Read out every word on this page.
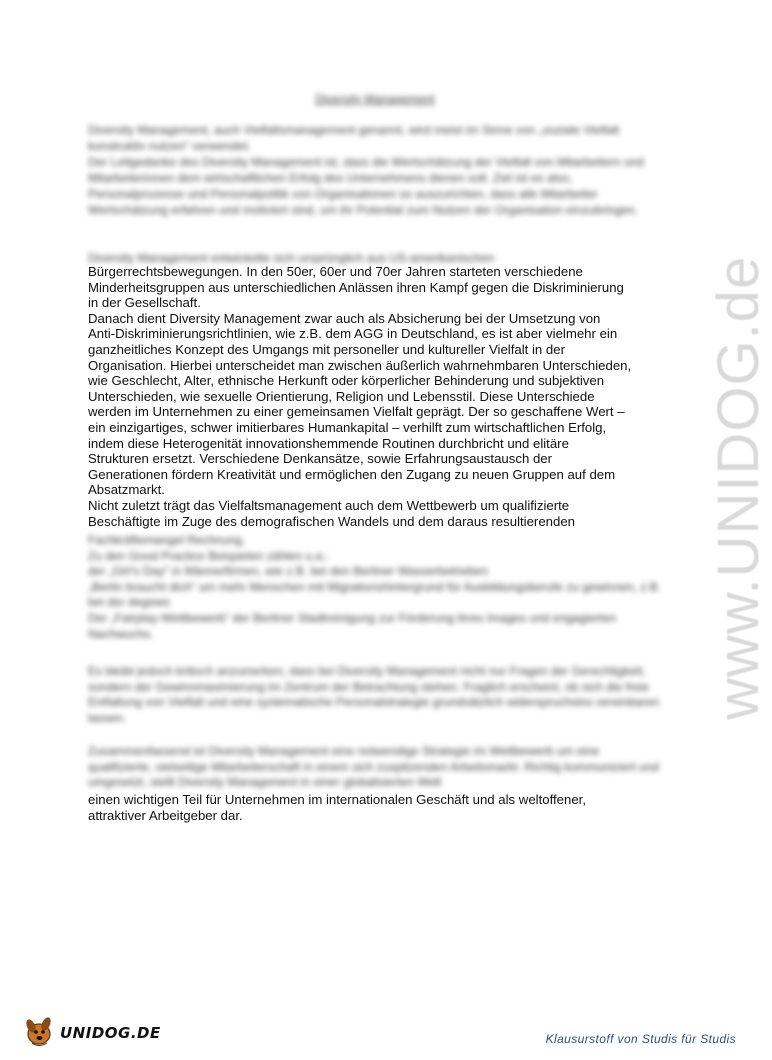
Diversity Management
Diversity Management, auch Vielfaltsmanagement genannt, wird meist im Sinne von „soziale Vielfalt konstruktiv nutzen“ verwendet.
Der Leitgedanke des Diversity Management ist, dass die Wertschätzung der Vielfalt von Mitarbeitern und Mitarbeiterinnen dem wirtschaftlichen Erfolg des Unternehmens dienen soll. Ziel ist es also, Personalprozesse und Personalpolitik von Organisationen so auszurichten, dass alle Mitarbeiter Wertschätzung erfahren und motiviert sind, um ihr Potential zum Nutzen der Organisation einzubringen.
Diversity Management entwickelte sich ursprünglich aus US-amerikanischen
Bürgerrechtsbewegungen. In den 50er, 60er und 70er Jahren starteten verschiedene
Minderheitsgruppen aus unterschiedlichen Anlässen ihren Kampf gegen die Diskriminierung
in der Gesellschaft.
Danach dient Diversity Management zwar auch als Absicherung bei der Umsetzung von
Anti-Diskriminierungsrichtlinien, wie z.B. dem AGG in Deutschland, es ist aber vielmehr ein
ganzheitliches Konzept des Umgangs mit personeller und kultureller Vielfalt in der
Organisation. Hierbei unterscheidet man zwischen äußerlich wahrnehmbaren Unterschieden,
wie Geschlecht, Alter, ethnische Herkunft oder körperlicher Behinderung und subjektiven
Unterschieden, wie sexuelle Orientierung, Religion und Lebensstil. Diese Unterschiede
werden im Unternehmen zu einer gemeinsamen Vielfalt geprägt. Der so geschaffene Wert –
ein einzigartiges, schwer imitierbares Humankapital – verhilft zum wirtschaftlichen Erfolg,
indem diese Heterogenität innovationshemmende Routinen durchbricht und elitäre
Strukturen ersetzt. Verschiedene Denkansätze, sowie Erfahrungsaustausch der
Generationen fördern Kreativität und ermöglichen den Zugang zu neuen Gruppen auf dem
Absatzmarkt.
Nicht zuletzt trägt das Vielfaltsmanagement auch dem Wettbewerb um qualifizierte
Beschäftigte im Zuge des demografischen Wandels und dem daraus resultierenden
Fachkräftemangel Rechnung.
Zu den Good Practice Beispielen zählen u.a.:
der „Girl’s Day“ in Männerfirmen, wie z.B. bei den Berliner Wasserbetrieben
„Berlin braucht dich“ um mehr Menschen mit Migrationshintergrund für Ausbildungsberufe zu gewinnen, z.B. bei der degewo
Der „Fairplay-Wettbewerb“ der Berliner Stadtreinigung zur Förderung ihres Images und engagierten Nachwuchs.
Es bleibt jedoch kritisch anzumerken, dass bei Diversity Management nicht nur Fragen der Gerechtigkeit, sondern der Gewinnmaximierung im Zentrum der Betrachtung stehen. Fraglich erscheint, ob sich die freie Entfaltung von Vielfalt und eine systematische Personalstrategie grundsätzlich widerspruchslos vereinbaren lassen.
Zusammenfassend ist Diversity Management eine notwendige Strategie im Wettbewerb um eine qualifizierte, vielseitige Mitarbeiterschaft in einem sich zuspitzenden Arbeitsmarkt. Richtig kommuniziert und umgesetzt, stellt Diversity Management in einer globalisierten Welt
einen wichtigen Teil für Unternehmen im internationalen Geschäft und als weltoffener,
attraktiver Arbeitgeber dar.
www.UNIDOG.de
UNIDOG.DE	Klausurstoff von Studis für Studis
